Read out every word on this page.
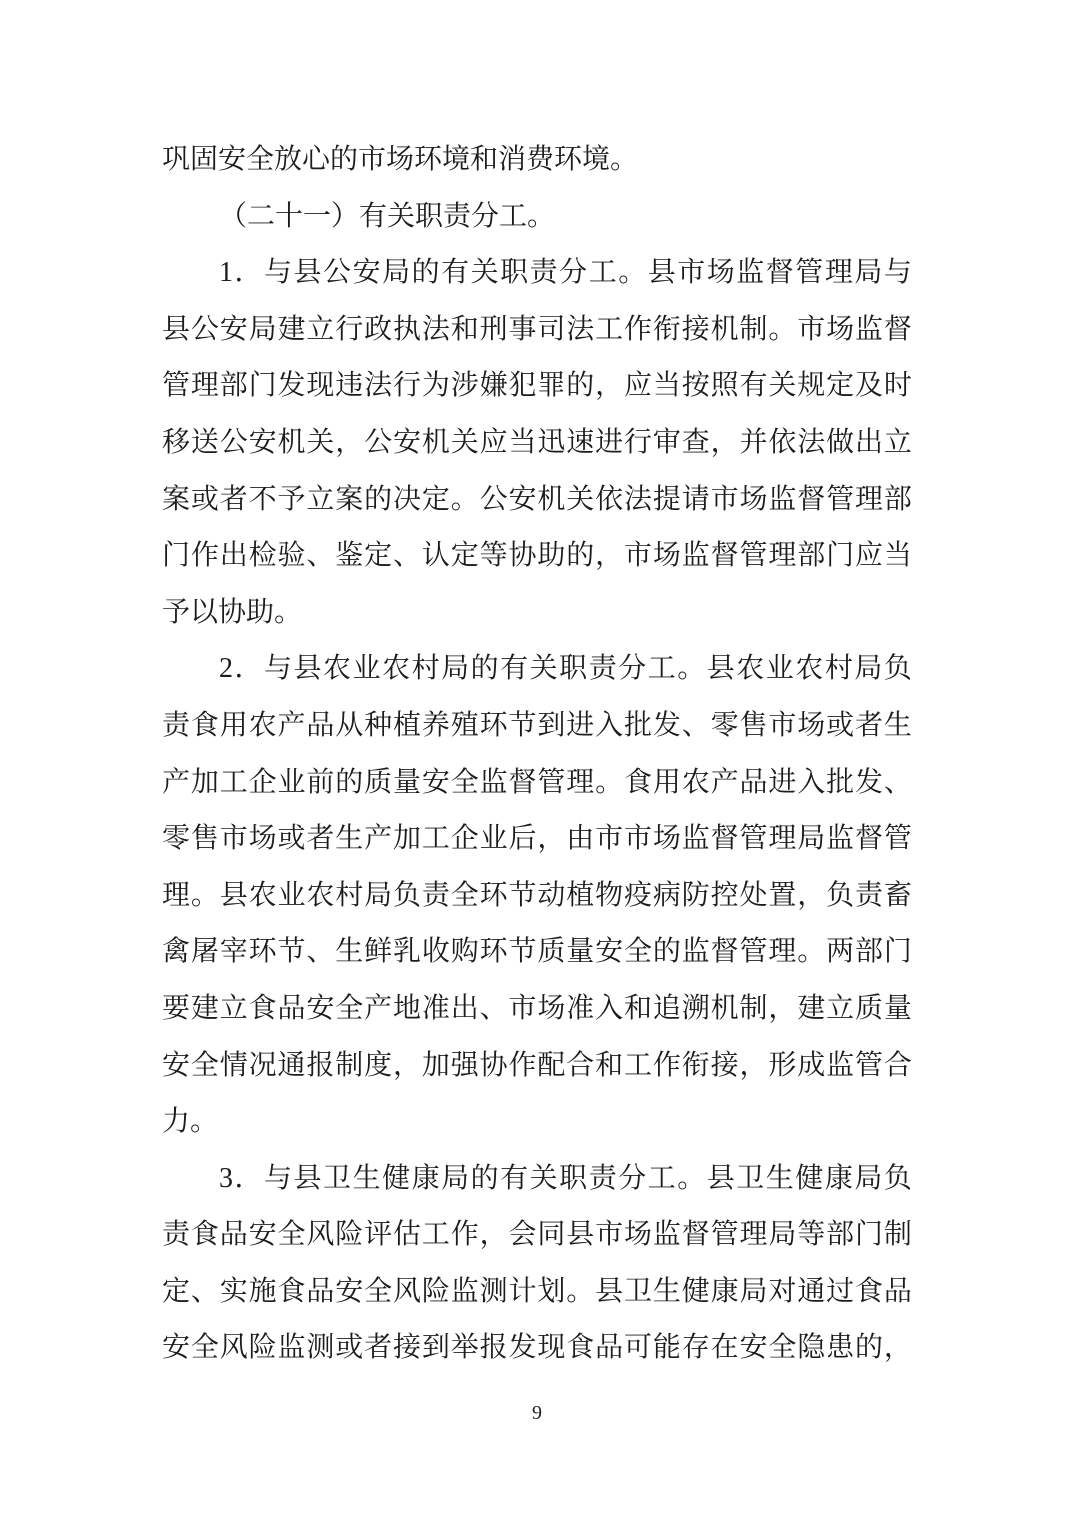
巩固安全放心的市场环境和消费环境。
（二十一）有关职责分工。
1 ． 与 县 公 安 局 的 有 关 职 责 分 工 。 县 市 场 监 督 管 理 局 与
县 公 安 局 建 立 行 政 执 法 和 刑 事 司 法 工 作 衔 接 机 制 。 市 场 监 督
管 理 部 门 发 现 违 法 行 为 涉 嫌 犯 罪 的 ， 应 当 按 照 有 关 规 定 及 时
移 送 公 安 机 关 ， 公 安 机 关 应 当 迅 速 进 行 审 查 ， 并 依 法 做 出 立
案 或 者 不 予 立 案 的 决 定 。 公 安 机 关 依 法 提 请 市 场 监 督 管 理 部
门 作 出 检 验 、 鉴 定 、 认 定 等 协 助 的 ， 市 场 监 督 管 理 部 门 应 当
予以协助。
2 ． 与 县 农 业 农 村 局 的 有 关 职 责 分 工 。 县 农 业 农 村 局 负
责 食 用 农 产 品 从 种 植 养 殖 环 节 到 进 入 批 发 、 零 售 市 场 或 者 生
产 加 工 企 业 前 的 质 量 安 全 监 督 管 理 。 食 用 农 产 品 进 入 批 发 、
零 售 市 场 或 者 生 产 加 工 企 业 后 ， 由 市 市 场 监 督 管 理 局 监 督 管
理 。 县 农 业 农 村 局 负 责 全 环 节 动 植 物 疫 病 防 控 处 置 ， 负 责 畜
禽 屠 宰 环 节 、 生 鲜 乳 收 购 环 节 质 量 安 全 的 监 督 管 理 。 两 部 门
要 建 立 食 品 安 全 产 地 准 出 、 市 场 准 入 和 追 溯 机 制 ， 建 立 质 量
安 全 情 况 通 报 制 度 ， 加 强 协 作 配 合 和 工 作 衔 接 ， 形 成 监 管 合
力。
3 ． 与 县 卫 生 健 康 局 的 有 关 职 责 分 工 。 县 卫 生 健 康 局 负
责 食 品 安 全 风 险 评 估 工 作 ， 会 同 县 市 场 监 督 管 理 局 等 部 门 制
定 、 实 施 食 品 安 全 风 险 监 测 计 划 。 县 卫 生 健 康 局 对 通 过 食 品
安 全 风 险 监 测 或 者 接 到 举 报 发 现 食 品 可 能 存 在 安 全 隐 患 的 ，
9
